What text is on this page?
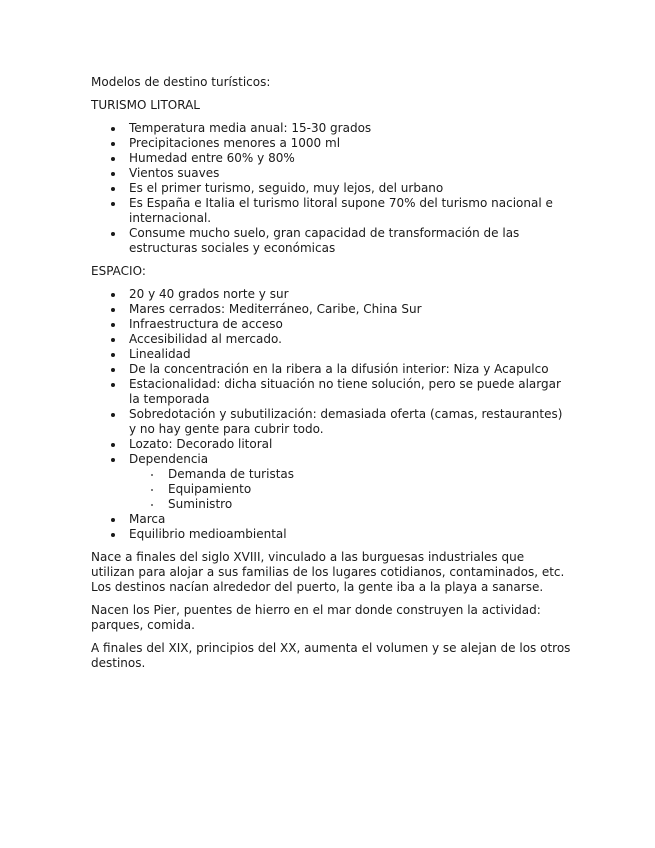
Modelos de destino turísticos:

TURISMO LITORAL

Temperatura media anual: 15-30 grados
Precipitaciones menores a 1000 ml
Humedad entre 60% y 80%
Vientos suaves
Es el primer turismo, seguido, muy lejos, del urbano
Es España e Italia el turismo litoral supone 70% del turismo nacional e internacional.
Consume mucho suelo, gran capacidad de transformación de las estructuras sociales y económicas

ESPACIO:

20 y 40 grados norte y sur
Mares cerrados: Mediterráneo, Caribe, China Sur
Infraestructura de acceso
Accesibilidad al mercado.
Linealidad
De la concentración en la ribera a la difusión interior: Niza y Acapulco
Estacionalidad: dicha situación no tiene solución, pero se puede alargar la temporada
Sobredotación y subutilización: demasiada oferta (camas, restaurantes) y no hay gente para cubrir todo.
Lozato: Decorado litoral
Dependencia
Demanda de turistas
Equipamiento
Suministro
Marca
Equilibrio medioambiental

Nace a finales del siglo XVIII, vinculado a las burguesas industriales que utilizan para alojar a sus familias de los lugares cotidianos, contaminados, etc. Los destinos nacían alrededor del puerto, la gente iba a la playa a sanarse.

Nacen los Pier, puentes de hierro en el mar donde construyen la actividad: parques, comida.

A finales del XIX, principios del XX, aumenta el volumen y se alejan de los otros destinos.
